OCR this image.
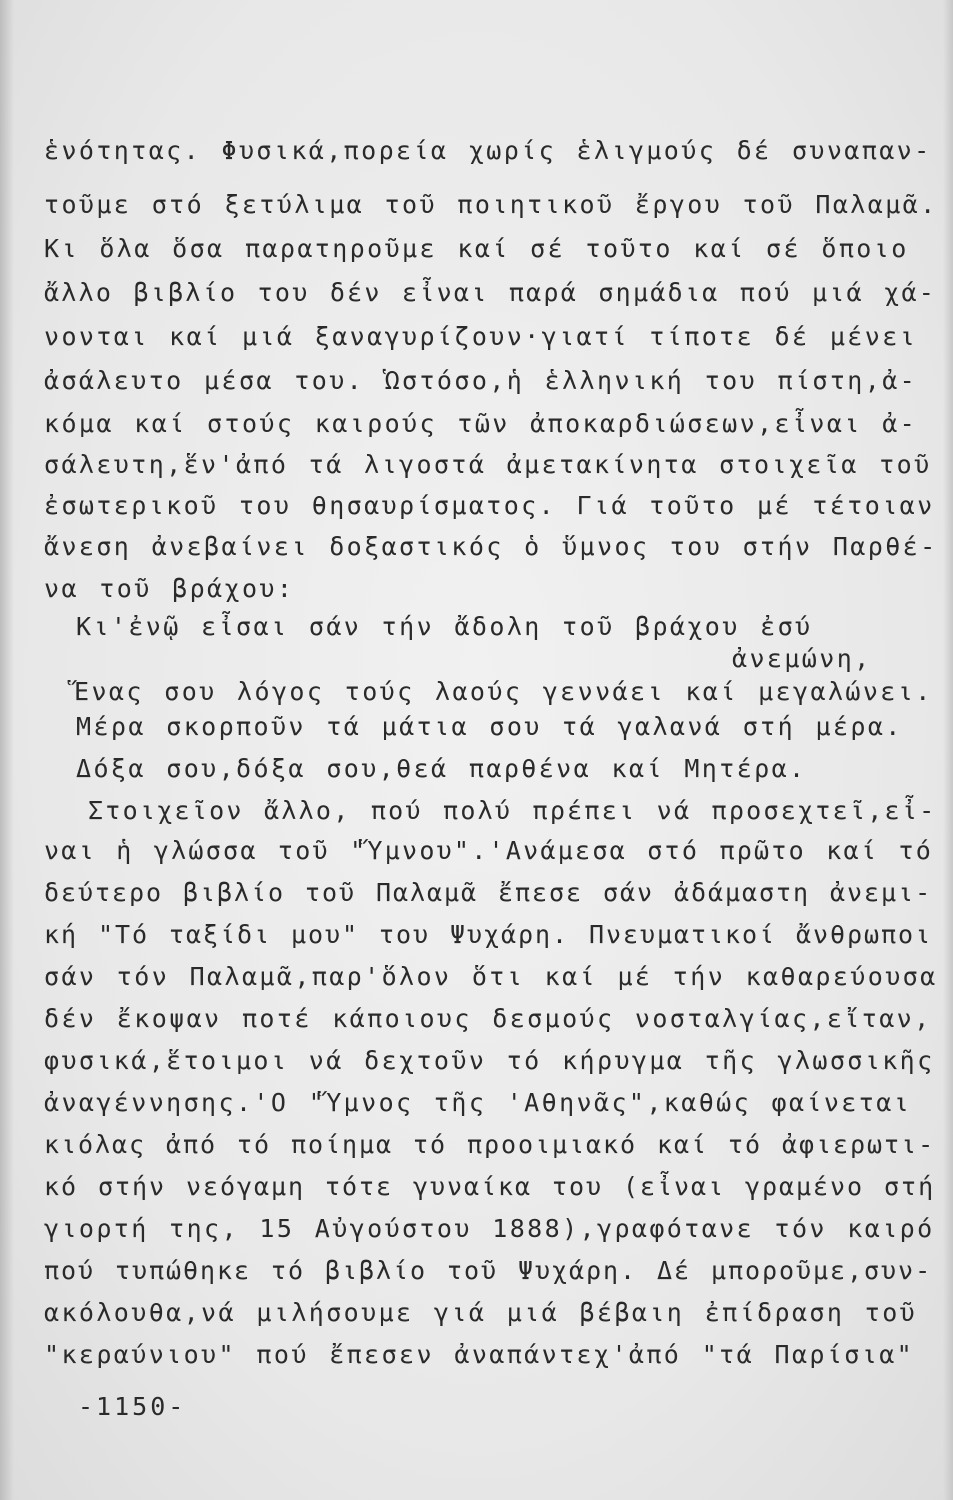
ἑνότητας. Φυσικά,πορεία χωρίς ἑλιγμούς δέ συναπαν-
τοῦμε στό ξετύλιμα τοῦ ποιητικοῦ ἔργου τοῦ Παλαμᾶ.
Κι ὅλα ὅσα παρατηροῦμε καί σέ τοῦτο καί σέ ὅποιο
ἄλλο βιβλίο του δέν εἶναι παρά σημάδια πού μιά χά-
νονται καί μιά ξαναγυρίζουν·γιατί τίποτε δέ μένει
ἀσάλευτο μέσα του. Ὡστόσο,ἡ ἑλληνική του πίστη,ἀ-
κόμα καί στούς καιρούς τῶν ἀποκαρδιώσεων,εἶναι ἀ-
σάλευτη,ἕν'ἀπό τά λιγοστά ἀμετακίνητα στοιχεῖα τοῦ
ἐσωτερικοῦ του θησαυρίσματος. Γιά τοῦτο μέ τέτοιαν
ἄνεση ἀνεβαίνει δοξαστικός ὁ ὕμνος του στήν Παρθέ-
να τοῦ βράχου:
Κι'ἐνῷ εἶσαι σάν τήν ἄδολη τοῦ βράχου ἐσύ
ἀνεμώνη,
Ἕνας σου λόγος τούς λαούς γεννάει καί μεγαλώνει.
Μέρα σκορποῦν τά μάτια σου τά γαλανά στή μέρα.
Δόξα σου,δόξα σου,θεά παρθένα καί Μητέρα.
Στοιχεῖον ἄλλο, πού πολύ πρέπει νά προσεχτεῖ,εἶ-
ναι ἡ γλώσσα τοῦ "Ὕμνου".'Ανάμεσα στό πρῶτο καί τό
δεύτερο βιβλίο τοῦ Παλαμᾶ ἔπεσε σάν ἀδάμαστη ἀνεμι-
κή "Τό ταξίδι μου" του Ψυχάρη. Πνευματικοί ἄνθρωποι
σάν τόν Παλαμᾶ,παρ'ὅλον ὅτι καί μέ τήν καθαρεύουσα
δέν ἔκοψαν ποτέ κάποιους δεσμούς νοσταλγίας,εἴταν,
φυσικά,ἕτοιμοι νά δεχτοῦν τό κήρυγμα τῆς γλωσσικῆς
ἀναγέννησης.'Ο "Ὕμνος τῆς 'Αθηνᾶς",καθώς φαίνεται
κιόλας ἀπό τό ποίημα τό προοιμιακό καί τό ἀφιερωτι-
κό στήν νεόγαμη τότε γυναίκα του (εἶναι γραμένο στή
γιορτή της, 15 Αὐγούστου 1888),γραφότανε τόν καιρό
πού τυπώθηκε τό βιβλίο τοῦ Ψυχάρη. Δέ μποροῦμε,συν-
ακόλουθα,νά μιλήσουμε γιά μιά βέβαιη ἐπίδραση τοῦ
"κεραύνιου" πού ἔπεσεν ἀναπάντεχ'ἀπό "τά Παρίσια"
-1150-
